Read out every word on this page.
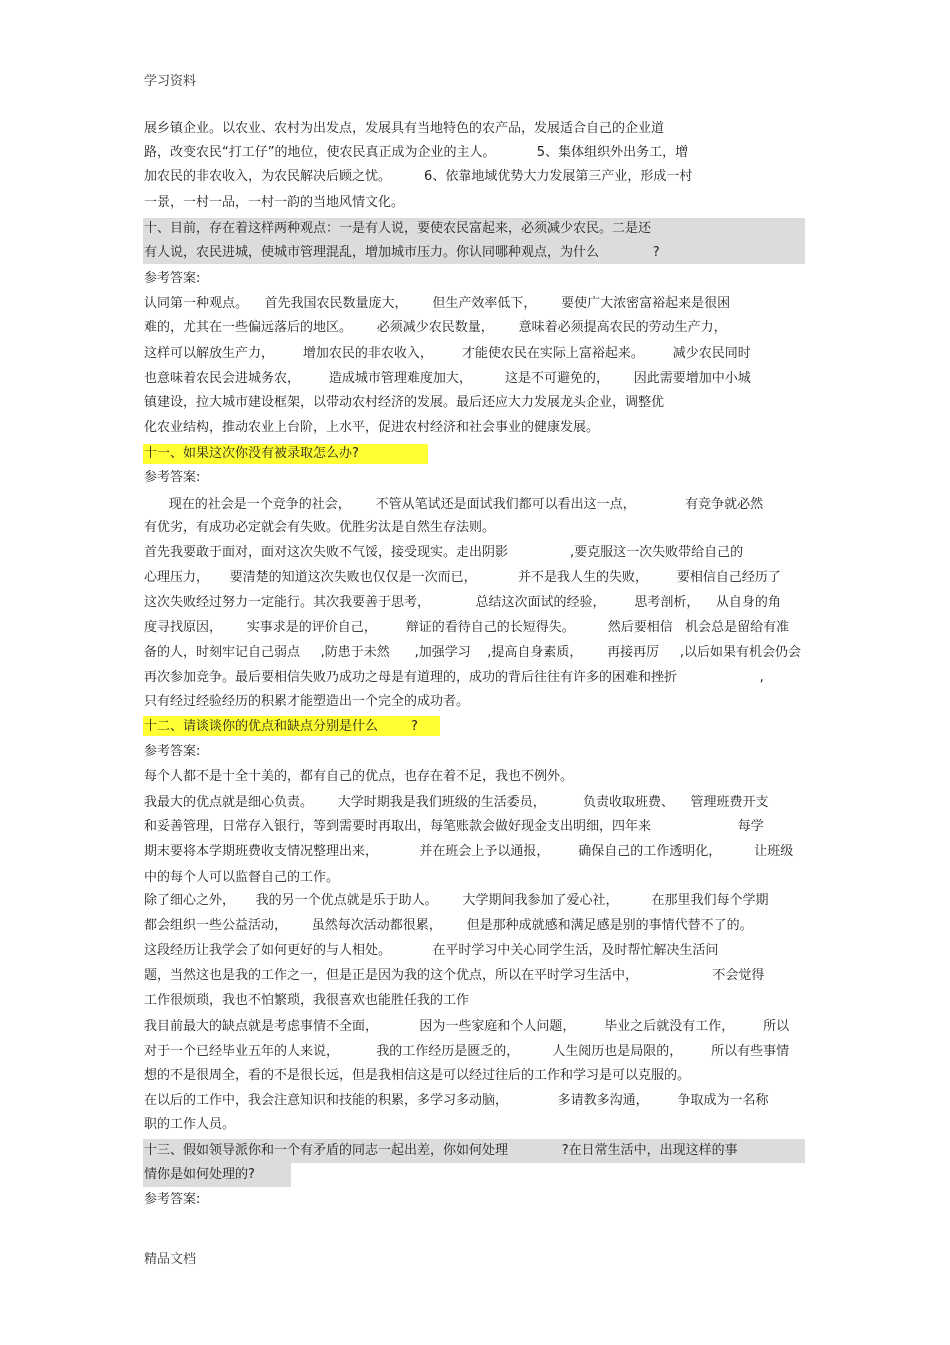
学习资料
展乡镇企业。以农业、农村为出发点，发展具有当地特色的农产品，发展适合自己的企业道
路，改变农民“打工仔”的地位，使农民真正成为企业的主人。          5、集体组织外出务工，增
加农民的非农收入，为农民解决后顾之忧。        6、依靠地域优势大力发展第三产业，形成一村
一景，一村一品，一村一韵的当地风情文化。
十、目前，存在着这样两种观点：一是有人说，要使农民富起来，必须减少农民。二是还
有人说，农民进城，使城市管理混乱，增加城市压力。你认同哪种观点，为什么             ?
参考答案:
认同第一种观点。    首先我国农民数量庞大，      但生产效率低下，      要使广大浓密富裕起来是很困
难的，尤其在一些偏远落后的地区。      必须减少农民数量，      意味着必须提高农民的劳动生产力，
这样可以解放生产力，       增加农民的非农收入，       才能使农民在实际上富裕起来。       减少农民同时
也意味着农民会进城务农，       造成城市管理难度加大，        这是不可避免的，      因此需要增加中小城
镇建设，拉大城市建设框架，以带动农村经济的发展。最后还应大力发展龙头企业，调整优
化农业结构，推动农业上台阶，上水平，促进农村经济和社会事业的健康发展。
十一、如果这次你没有被录取怎么办?
参考答案:
现在的社会是一个竞争的社会，      不管从笔试还是面试我们都可以看出这一点，            有竞争就必然
有优劣，有成功必定就会有失败。优胜劣汰是自然生存法则。
首先我要敢于面对，面对这次失败不气馁，接受现实。走出阴影               ,要克服这一次失败带给自己的
心理压力，     要清楚的知道这次失败也仅仅是一次而已，          并不是我人生的失败，       要相信自己经历了
这次失败经过努力一定能行。其次我要善于思考，           总结这次面试的经验，       思考剖析，    从自身的角
度寻找原因，      实事求是的评价自己，       辩证的看待自己的长短得失。        然后要相信   机会总是留给有准
备的人，时刻牢记自己弱点     ,防患于未然      ,加强学习    ,提高自身素质，      再接再厉     ,以后如果有机会仍会
再次参加竞争。最后要相信失败乃成功之母是有道理的，成功的背后往往有许多的困难和挫折                    ,
只有经过经验经历的积累才能塑造出一个完全的成功者。
十二、请谈谈你的优点和缺点分别是什么        ?
参考答案:
每个人都不是十全十美的，都有自己的优点，也存在着不足，我也不例外。
我最大的优点就是细心负责。      大学时期我是我们班级的生活委员，         负责收取班费、    管理班费开支
和妥善管理，日常存入银行，等到需要时再取出，每笔账款会做好现金支出明细，四年来                     每学
期末要将本学期班费收支情况整理出来，          并在班会上予以通报，       确保自己的工作透明化，        让班级
中的每个人可以监督自己的工作。
除了细心之外，     我的另一个优点就是乐于助人。      大学期间我参加了爱心社，        在那里我们每个学期
都会组织一些公益活动，      虽然每次活动都很累，      但是那种成就感和满足感是别的事情代替不了的。
这段经历让我学会了如何更好的与人相处。          在平时学习中关心同学生活，及时帮忙解决生活问
题，当然这也是我的工作之一，但是正是因为我的这个优点，所以在平时学习生活中，                  不会觉得
工作很烦琐，我也不怕繁琐，我很喜欢也能胜任我的工作
我目前最大的缺点就是考虑事情不全面，          因为一些家庭和个人问题，       毕业之后就没有工作，       所以
对于一个已经毕业五年的人来说，         我的工作经历是匮乏的，        人生阅历也是局限的，       所以有些事情
想的不是很周全，看的不是很长远，但是我相信这是可以经过往后的工作和学习是可以克服的。
在以后的工作中，我会注意知识和技能的积累，多学习多动脑，            多请教多沟通，       争取成为一名称
职的工作人员。
十三、假如领导派你和一个有矛盾的同志一起出差，你如何处理             ?在日常生活中，出现这样的事
情你是如何处理的?
参考答案:
精品文档
